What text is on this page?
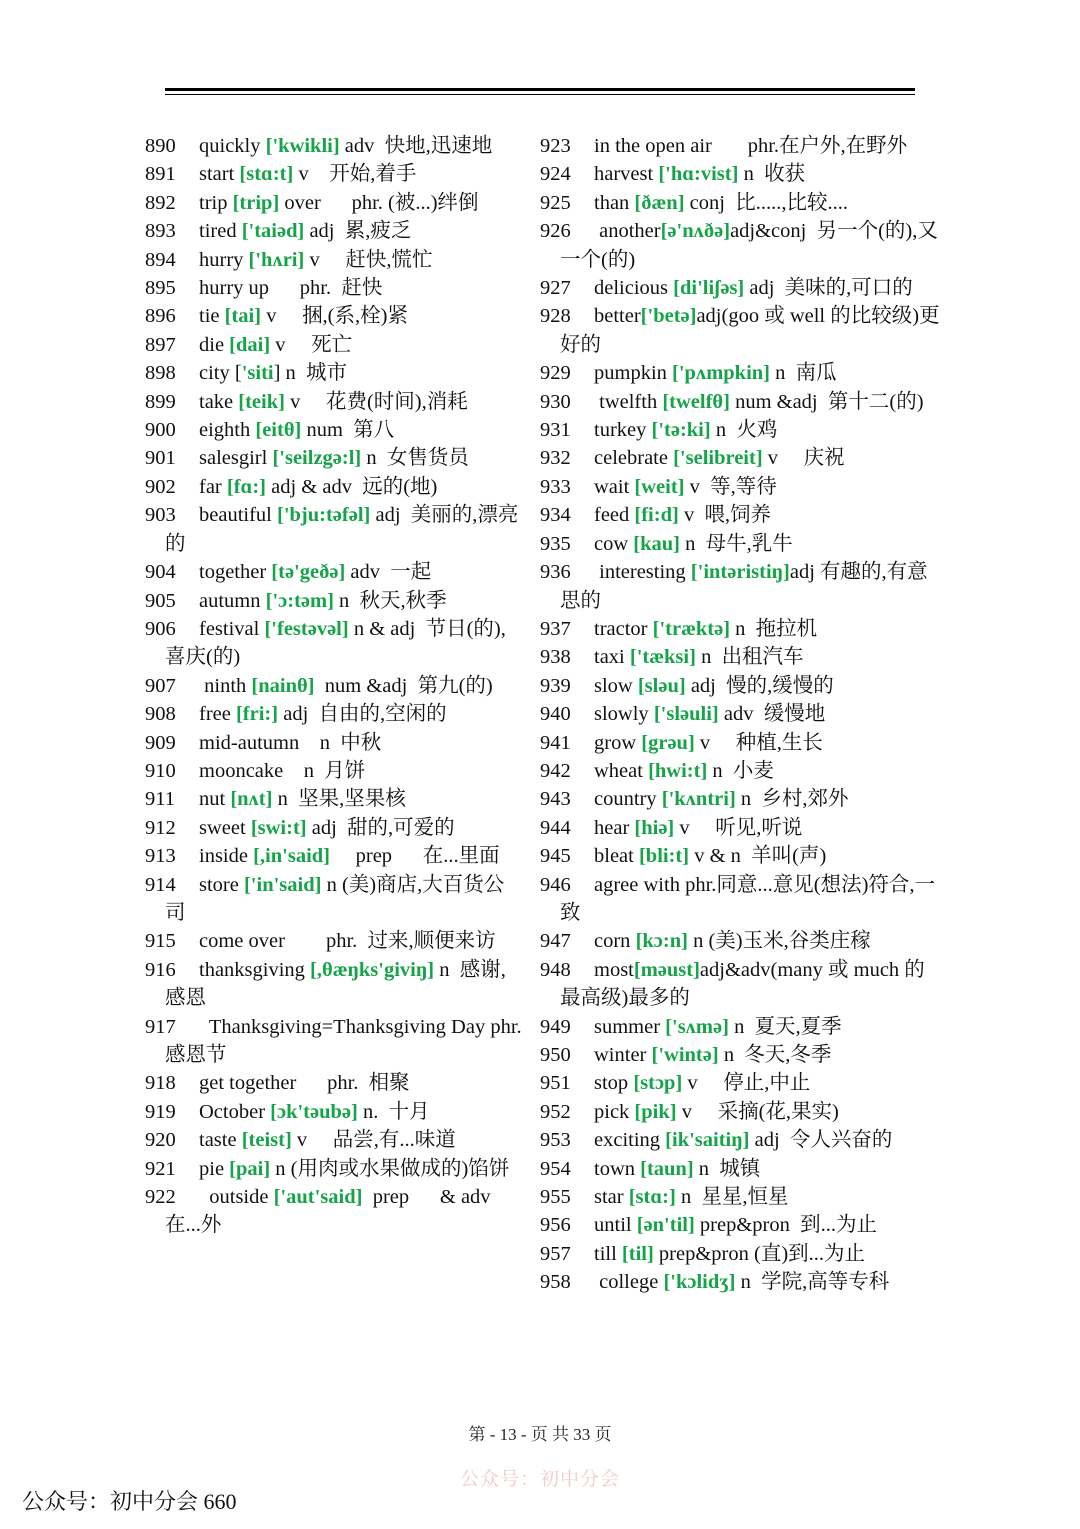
890 quickly ['kwikli] adv  快地,迅速地
891 start [stɑ:t] v    开始,着手
892 trip [trip] over      phr. (被...)绊倒
893 tired ['taiəd] adj  累,疲乏
894 hurry ['hʌri] v     赶快,慌忙
895 hurry up      phr.  赶快
896 tie [tai] v     捆,(系,栓)紧
897 die [dai] v     死亡
898 city ['siti] n  城市
899 take [teik] v     花费(时间),消耗
900 eighth [eitθ] num  第八
901 salesgirl ['seilzgə:l] n  女售货员
902 far [fɑ:] adj & adv  远的(地)
903 beautiful ['bju:təfəl] adj  美丽的,漂亮的
904 together [tə'geðə] adv  一起
905 autumn ['ɔ:təm] n  秋天,秋季
906 festival ['festəvəl] n & adj  节日(的),喜庆(的)
907 ninth [nainθ]  num &adj  第九(的)
908 free [fri:] adj  自由的,空闲的
909 mid-autumn    n  中秋
910 mooncake    n  月饼
911 nut [nʌt] n  坚果,坚果核
912 sweet [swi:t] adj  甜的,可爱的
913 inside [,in'said]     prep      在...里面
914 store ['in'said] n (美)商店,大百货公司
915 come over        phr.  过来,顺便来访
916 thanksgiving [,θæŋks'giviŋ] n  感谢,感恩
917  Thanksgiving=Thanksgiving Day phr.  感恩节
918 get together      phr.  相聚
919 October [ɔk'təubə] n.  十月
920 taste [teist] v     品尝,有...味道
921 pie [pai] n (用肉或水果做成的)馅饼
922  outside ['aut'said]  prep      & adv  在...外
923 in the open air       phr.在户外,在野外
924 harvest ['hɑ:vist] n  收获
925 than [ðæn] conj  比.....,比较....
926 another[ə'nʌðə]adj&conj  另一个(的),又一个(的)
927 delicious [di'liʃəs] adj  美味的,可口的
928 better['betə]adj(goo 或 well 的比较级)更好的
929 pumpkin ['pʌmpkin] n  南瓜
930 twelfth [twelfθ] num &adj  第十二(的)
931 turkey ['tə:ki] n  火鸡
932 celebrate ['selibreit] v     庆祝
933 wait [weit] v  等,等待
934 feed [fi:d] v  喂,饲养
935 cow [kau] n  母牛,乳牛
936 interesting ['intəristiŋ]adj 有趣的,有意思的
937 tractor ['træktə] n  拖拉机
938 taxi ['tæksi] n  出租汽车
939 slow [sləu] adj  慢的,缓慢的
940 slowly ['sləuli] adv  缓慢地
941 grow [grəu] v     种植,生长
942 wheat [hwi:t] n  小麦
943 country ['kʌntri] n  乡村,郊外
944 hear [hiə] v     听见,听说
945 bleat [bli:t] v & n  羊叫(声)
946 agree with phr.同意...意见(想法)符合,一致
947 corn [kɔ:n] n (美)玉米,谷类庄稼
948 most[məust]adj&adv(many 或 much 的最高级)最多的
949 summer ['sʌmə] n  夏天,夏季
950 winter ['wintə] n  冬天,冬季
951 stop [stɔp] v     停止,中止
952 pick [pik] v     采摘(花,果实)
953 exciting [ik'saitiŋ] adj  令人兴奋的
954 town [taun] n  城镇
955 star [stɑ:] n  星星,恒星
956 until [ən'til] prep&pron  到...为止
957 till [til] prep&pron (直)到...为止
958 college ['kɔlidʒ] n  学院,高等专科
第 - 13 - 页 共 33 页
公众号：初中分会
公众号：初中分会 660
